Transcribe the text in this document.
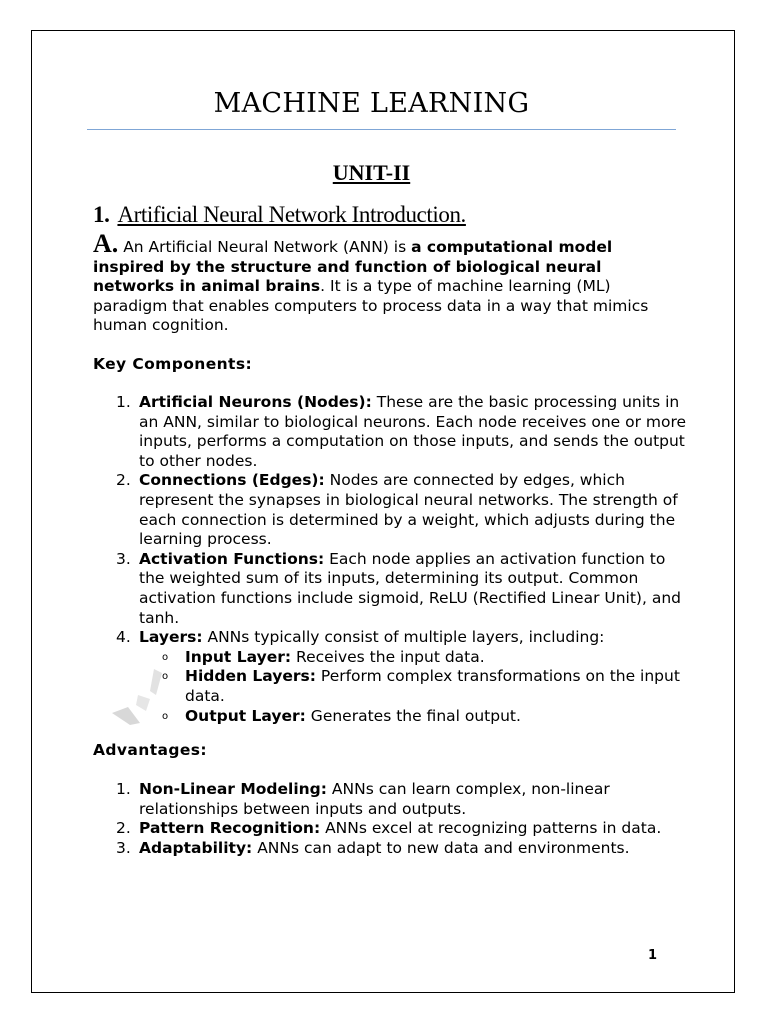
MACHINE LEARNING
UNIT-II
1. Artificial Neural Network Introduction.
A. An Artificial Neural Network (ANN) is a computational model inspired by the structure and function of biological neural networks in animal brains. It is a type of machine learning (ML) paradigm that enables computers to process data in a way that mimics human cognition.
Key Components:
1. Artificial Neurons (Nodes): These are the basic processing units in an ANN, similar to biological neurons. Each node receives one or more inputs, performs a computation on those inputs, and sends the output to other nodes.
2. Connections (Edges): Nodes are connected by edges, which represent the synapses in biological neural networks. The strength of each connection is determined by a weight, which adjusts during the learning process.
3. Activation Functions: Each node applies an activation function to the weighted sum of its inputs, determining its output. Common activation functions include sigmoid, ReLU (Rectified Linear Unit), and tanh.
4. Layers: ANNs typically consist of multiple layers, including:
o Input Layer: Receives the input data.
o Hidden Layers: Perform complex transformations on the input data.
o Output Layer: Generates the final output.
Advantages:
1. Non-Linear Modeling: ANNs can learn complex, non-linear relationships between inputs and outputs.
2. Pattern Recognition: ANNs excel at recognizing patterns in data.
3. Adaptability: ANNs can adapt to new data and environments.
1
